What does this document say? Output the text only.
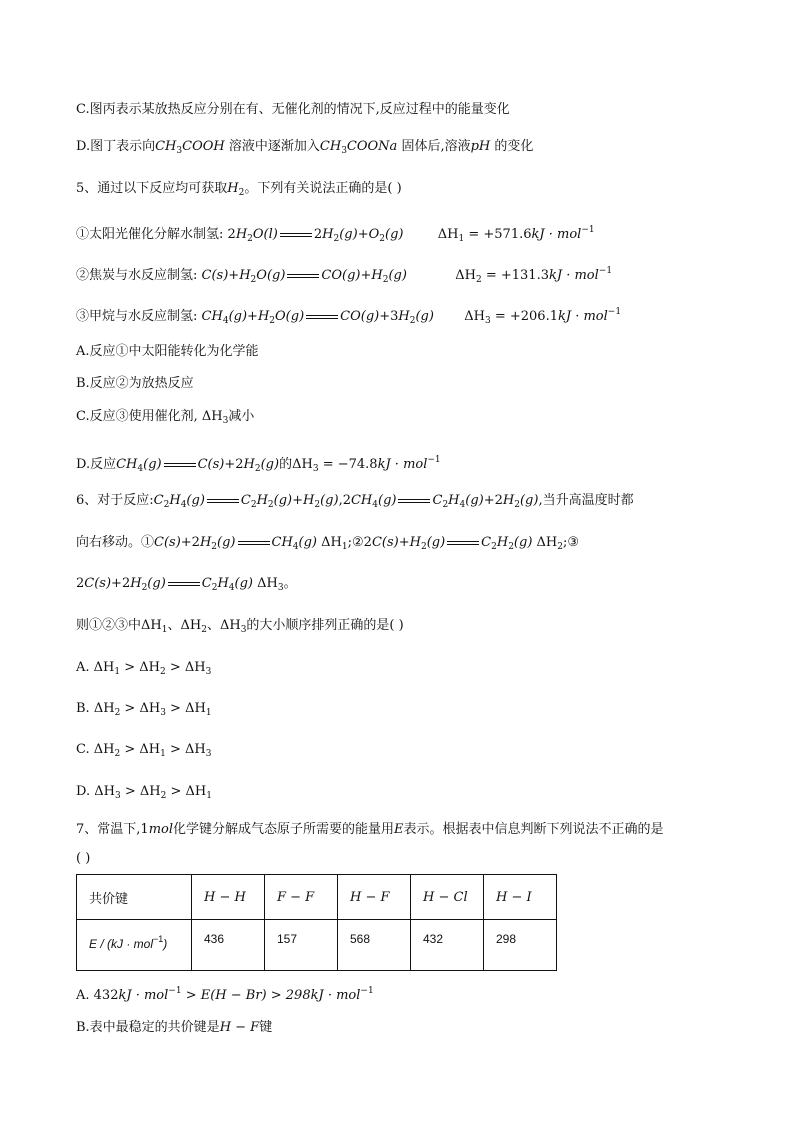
C.图丙表示某放热反应分别在有、无催化剂的情况下,反应过程中的能量变化
D.图丁表示向$CH_3COOH$ 溶液中逐渐加入$CH_3COONa$ 固体后,溶液pH 的变化
5、通过以下反应均可获取$H_2$。下列有关说法正确的是( )
①太阳光催化分解水制氢: $2H_2O(l)$	$2H_2(g)+O_2(g)$	$\Delta H_1 = +571.6kJ \cdot mol^{-1}$
②焦炭与水反应制氢: $C(s)+H_2O(g)$	$CO(g)+H_2(g)$	$\Delta H_2 = +131.3kJ \cdot mol^{-1}$
③甲烷与水反应制氢: $CH_4(g)+H_2O(g)$	$CO(g)+3H_2(g) \Delta H_3 = +206.1kJ \cdot mol^{-1}$
A.反应①中太阳能转化为化学能
B.反应②为放热反应
C.反应③使用催化剂, $\Delta H_3$减小
D.反应$CH_4(g)$	$C(s)+2H_2(g)$的$\Delta H_3 = -74.8kJ \cdot mol^{-1}$
6、对于反应$:C_2H_4(g)$	$C_2H_2(g)+H_2(g),2CH_4(g)$	$C_2H_4(g)+2H_2(g)$,当升高温度时都
向右移动。$①C(s)+2H_2(g)$	$CH_4(g)$ $\Delta H_1;②2C(s)+H_2(g)$	$C_2H_2(g)$ $\Delta H_2;③$
$2C(s)+2H_2(g)$	$C_2H_4(g)$ $\Delta H_3$。
则①②③中$\Delta H_1$、$\Delta H_2$、$\Delta H_3$的大小顺序排列正确的是( )
A. $\Delta H_1 > \Delta H_2 > \Delta H_3$
B. $\Delta H_2 > \Delta H_3 > \Delta H_1$
C. $\Delta H_2 > \Delta H_1 > \Delta H_3$
D. $\Delta H_3 > \Delta H_2 > \Delta H_1$
7、常温下,1mol化学键分解成气态原子所需要的能量用E表示。根据表中信息判断下列说法不正确的是
( )
共价键	H − H	F − F	H − F	H − Cl	H − I
E / (kJ · mol$^{-1}$)	436	157	568	432	298
A. 432kJ · mol$^{-1}$ > E(H − Br) > 298kJ · mol$^{-1}$
B.表中最稳定的共价键是H − F键
